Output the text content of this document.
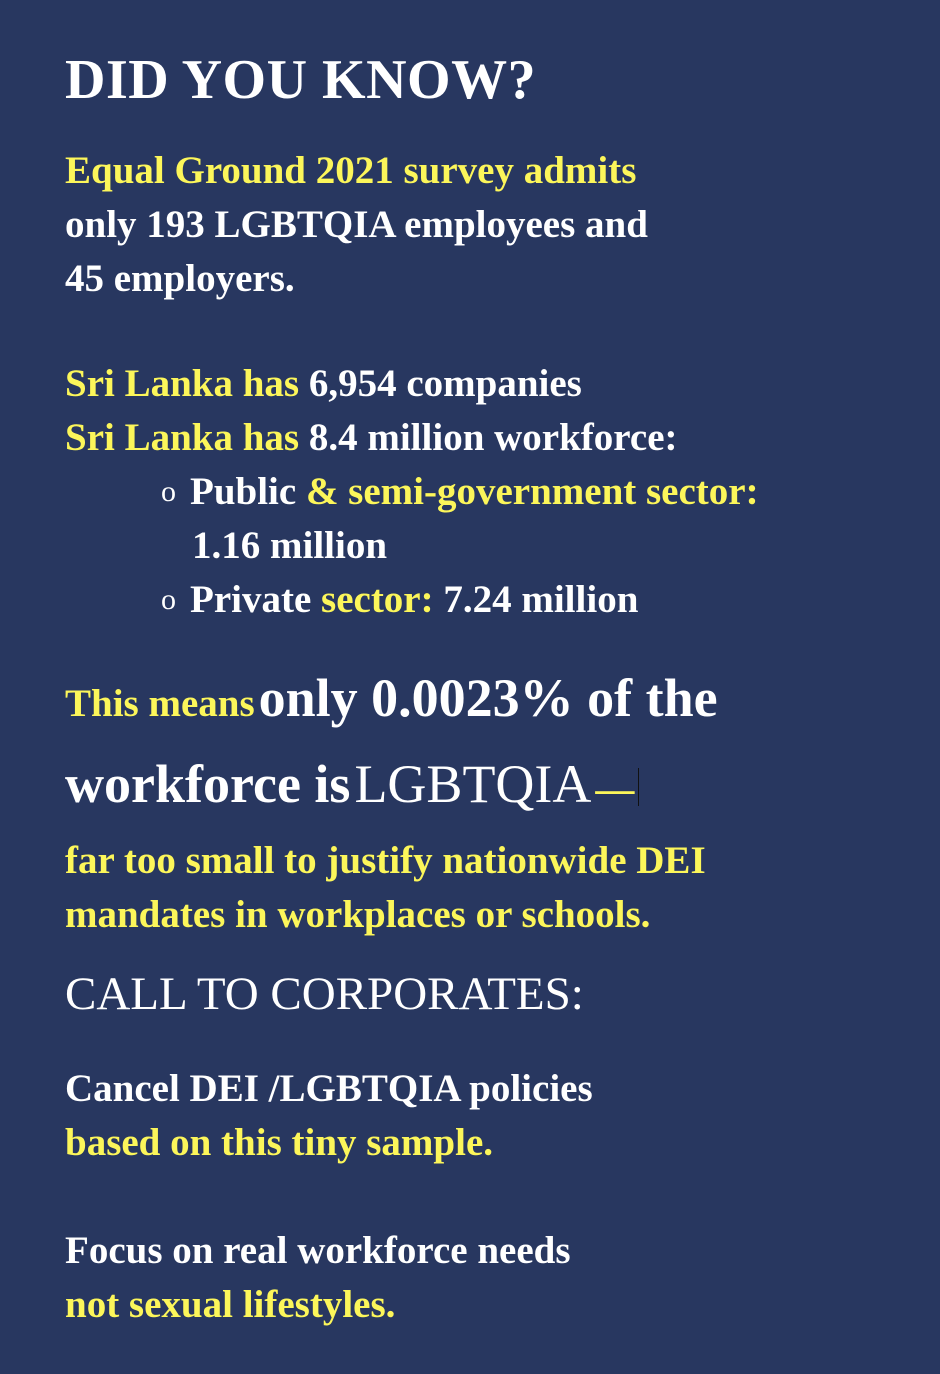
DID YOU KNOW?
Equal Ground 2021 survey admits
only 193 LGBTQIA employees and
45 employers.
Sri Lanka has 6,954 companies
Sri Lanka has 8.4 million workforce:
o Public & semi-government sector:
1.16 million
o Private sector: 7.24 million
This means only 0.0023% of the
workforce is LGBTQIA —
far too small to justify nationwide DEI
mandates in workplaces or schools.
CALL TO CORPORATES:
Cancel DEI /LGBTQIA policies
based on this tiny sample.
Focus on real workforce needs
not sexual lifestyles.
